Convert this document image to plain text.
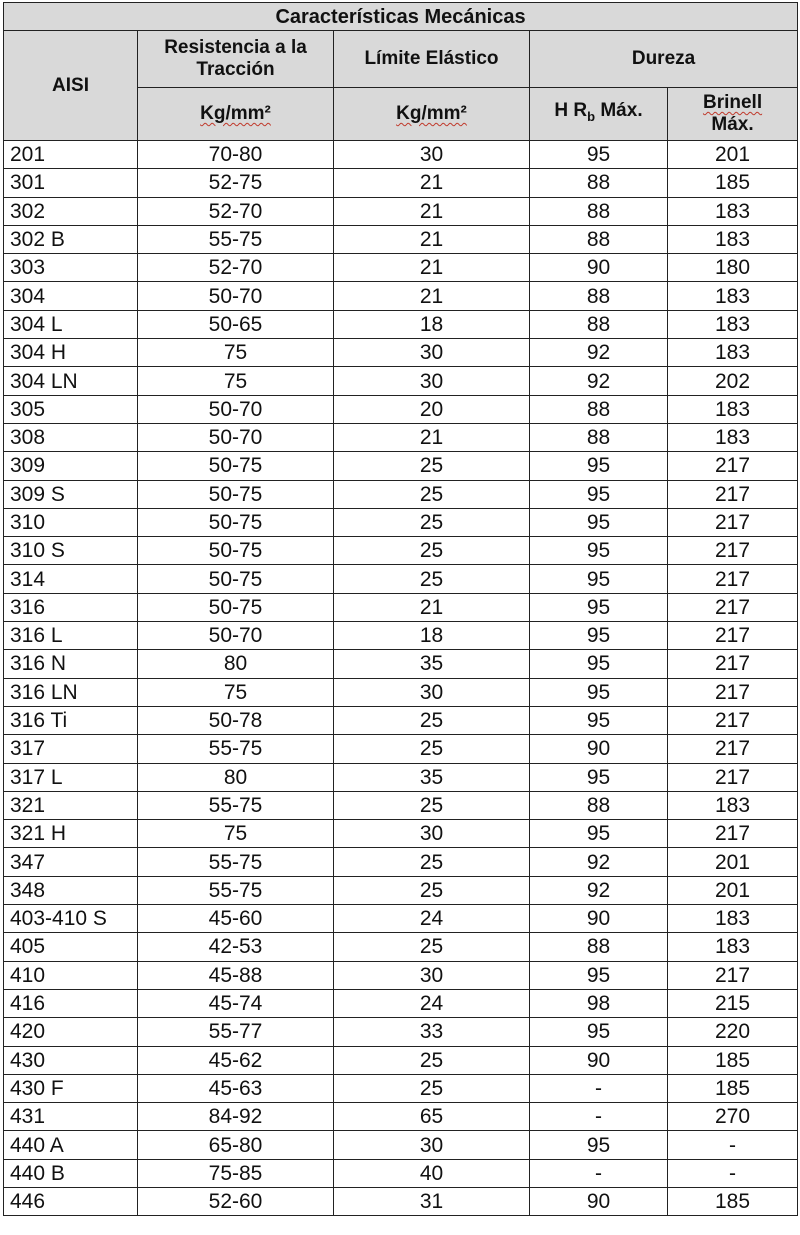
Características Mecánicas				
AISI	Resistencia a la Tracción	Límite Elástico	Dureza	
	Kg/mm²	Kg/mm²	H $R_b$ Máx.	Brinell
Máx.
201	70-80	30	95	201
301	52-75	21	88	185
302	52-70	21	88	183
302 B	55-75	21	88	183
303	52-70	21	90	180
304	50-70	21	88	183
304 L	50-65	18	88	183
304 H	75	30	92	183
304 LN	75	30	92	202
305	50-70	20	88	183
308	50-70	21	88	183
309	50-75	25	95	217
309 S	50-75	25	95	217
310	50-75	25	95	217
310 S	50-75	25	95	217
314	50-75	25	95	217
316	50-75	21	95	217
316 L	50-70	18	95	217
316 N	80	35	95	217
316 LN	75	30	95	217
316 Ti	50-78	25	95	217
317	55-75	25	90	217
317 L	80	35	95	217
321	55-75	25	88	183
321 H	75	30	95	217
347	55-75	25	92	201
348	55-75	25	92	201
403-410 S	45-60	24	90	183
405	42-53	25	88	183
410	45-88	30	95	217
416	45-74	24	98	215
420	55-77	33	95	220
430	45-62	25	90	185
430 F	45-63	25	-	185
431	84-92	65	-	270
440 A	65-80	30	95	-
440 B	75-85	40	-	-
446	52-60	31	90	185
